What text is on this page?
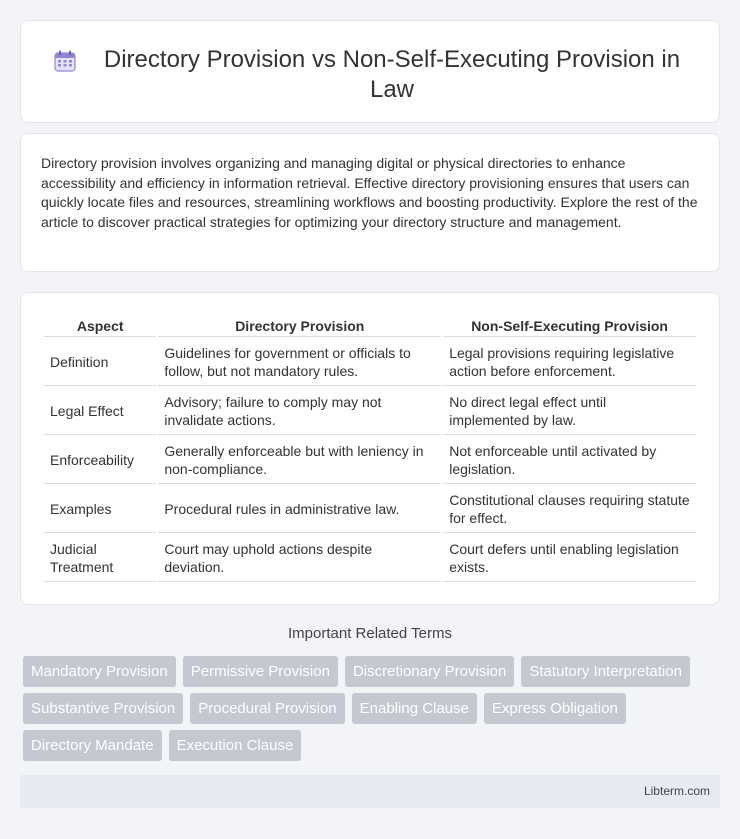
Directory Provision vs Non-Self-Executing Provision in Law

Directory provision involves organizing and managing digital or physical directories to enhance accessibility and efficiency in information retrieval. Effective directory provisioning ensures that users can quickly locate files and resources, streamlining workflows and boosting productivity. Explore the rest of the article to discover practical strategies for optimizing your directory structure and management.

Aspect	Directory Provision	Non-Self-Executing Provision
Definition	Guidelines for government or officials to follow, but not mandatory rules.	Legal provisions requiring legislative action before enforcement.
Legal Effect	Advisory; failure to comply may not invalidate actions.	No direct legal effect until implemented by law.
Enforceability	Generally enforceable but with leniency in non-compliance.	Not enforceable until activated by legislation.
Examples	Procedural rules in administrative law.	Constitutional clauses requiring statute for effect.
Judicial Treatment	Court may uphold actions despite deviation.	Court defers until enabling legislation exists.
Important Related Terms
Mandatory Provision	Permissive Provision	Discretionary Provision	Statutory Interpretation
Substantive Provision	Procedural Provision	Enabling Clause	Express Obligation
Directory Mandate	Execution Clause
Libterm.com
